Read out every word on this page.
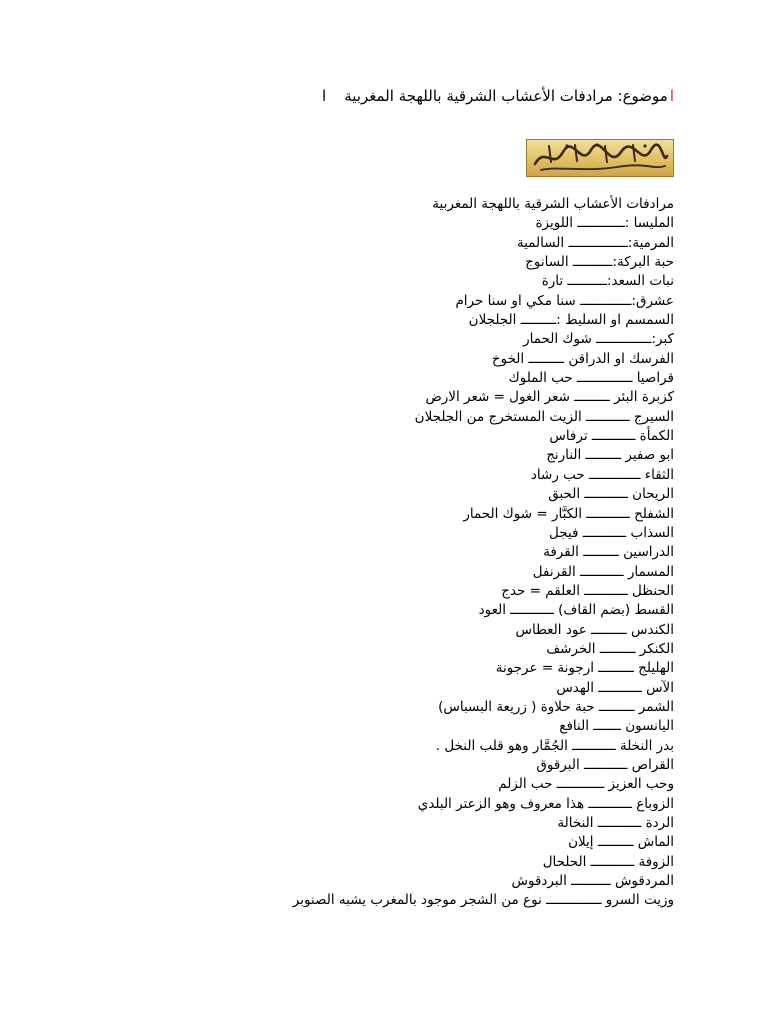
اموضوع: مرادفات الأعشاب الشرقية باللهجة المغربيةا
مرادفات الأعشاب الشرقية باللهجة المغربية
المليسا :ــــــــــــ اللويزة
المرمية:ـــــــــــــــ السالمية
حبة البركة:ــــــــــ السانوج
نبات السعد:ــــــــــ تارة
عشرق:ـــــــــــــ سنا مكي او سنا حرام
السمسم او السليط :ـــــــــ الجلجلان
كبر:ــــــــــــــ شوك الحمار
الفرسك او الدراقن ـــــــــ الخوخ
قراصيا ــــــــــــــ حب الملوك
كزبرة البئر ـــــــــ شعر الغول = شعر الارض
السيرج ـــــــــــ الزيت المستخرج من الجلجلان
الكمأة ـــــــــــ ترفاس
ابو صفير ـــــــــ النارنج
الثقاء ـــــــــــــ حب رشاد
الريحان ـــــــــــ الحبق
الشفلح ـــــــــــ الكبَّار = شوك الحمار
السذاب ـــــــــــ فيجل
الدراسين ـــــــــ القرفة
المسمار ـــــــــــ القرنفل
الحنظل ـــــــــــ العلقم = حدج
القسط (بضم القاف) ـــــــــــ العود
الكندس ـــــــــ عود العطاس
الكنكر ـــــــــ الخرشف
الهليلج ـــــــــ ارجونة = عرجونة
الآس ـــــــــــ الهدس
الشمر ـــــــــ حبة حلاوة ( زريعة البسباس)
اليانسون ـــــــ النافع
بدر النخلة ـــــــــــ الجُمَّار وهو قلب النخل .
القراص ـــــــــــ البرقوق
وحب العزيز ــــــــــــ حب الزلم
الزوباع ـــــــــــ هذا معروف وهو الزعتر البلدي
الردة ـــــــــــ النخالة
الماش ـــــــــ إيلان
الزوفة ـــــــــــ الحلحال
المردقوش ــــــــــ البردقوش
وزيت السرو ــــــــــــــ نوع من الشجر موجود بالمغرب يشبه الصنوبر
